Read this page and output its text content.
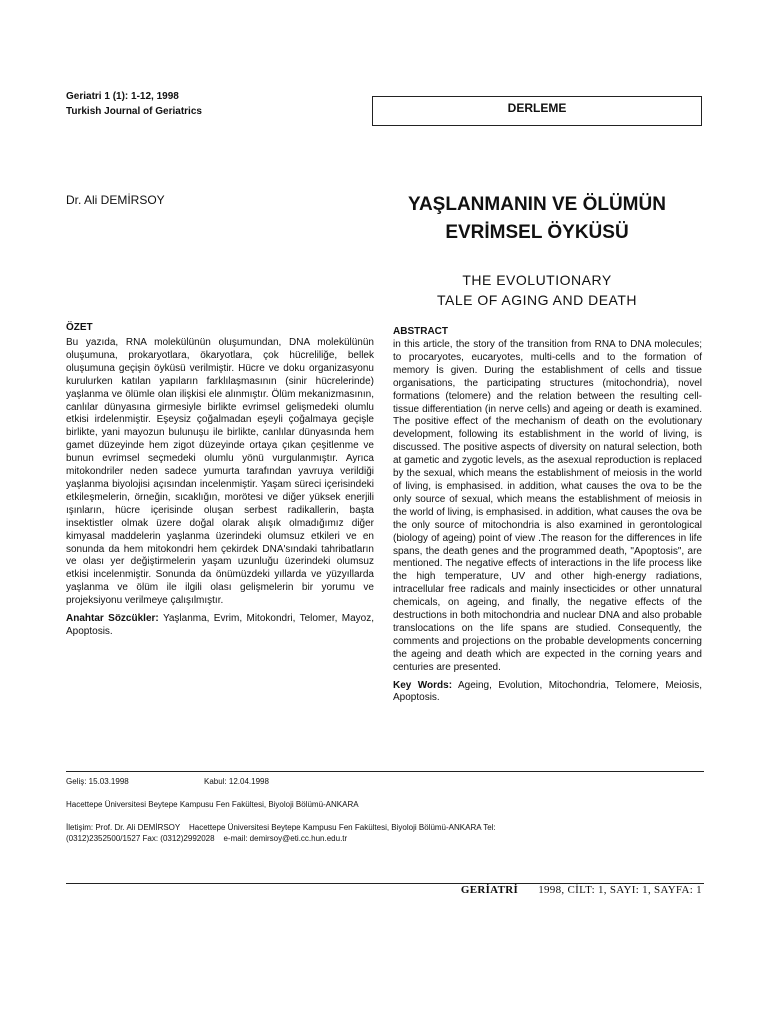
Geriatri 1 (1): 1-12, 1998
Turkish Journal of Geriatrics	DERLEME
Dr. Ali DEMİRSOY	YAŞLANMANIN VE ÖLÜMÜN
EVRİMSEL ÖYKÜSÜ
THE EVOLUTIONARY
TALE OF AGING AND DEATH
ÖZET

Bu yazıda, RNA molekülünün oluşumundan, DNA molekülünün oluşumuna, prokaryotlara, ökaryotlara, çok hücreliliğe, bellek oluşumuna geçişin öyküsü verilmiştir. Hücre ve doku organizasyonu kurulurken katılan yapıların farklılaşmasının (sinir hücrelerinde) yaşlanma ve ölümle olan ilişkisi ele alınmıştır. Ölüm mekanizmasının, canlılar dünyasına girmesiyle birlikte evrimsel gelişmedeki olumlu etkisi irdelenmiştir. Eşeysiz çoğalmadan eşeyli çoğalmaya geçişle birlikte, yani mayozun bulunuşu ile birlikte, canlılar dünyasında hem gamet düzeyinde hem zigot düzeyinde ortaya çıkan çeşitlenme ve bunun evrimsel seçmedeki olumlu yönü vurgulanmıştır. Ayrıca mitokondriler neden sadece yumurta tarafından yavruya verildiği yaşlanma biyolojisi açısından incelenmiştir. Yaşam süreci içerisindeki etkileşmelerin, örneğin, sıcaklığın, morötesi ve diğer yüksek enerjili ışınların, hücre içerisinde oluşan serbest radikallerin, başta insektistler olmak üzere doğal olarak alışık olmadığımız diğer kimyasal maddelerin yaşlanma üzerindeki olumsuz etkileri ve en sonunda da hem mitokondri hem çekirdek DNA'sındaki tahribatların ve olası yer değiştirmelerin yaşam uzunluğu üzerindeki olumsuz etkisi incelenmiştir. Sonunda da önümüzdeki yıllarda ve yüzyıllarda yaşlanma ve ölüm ile ilgili olası gelişmelerin bir yorumu ve projeksiyonu verilmeye çalışılmıştır.

Anahtar Sözcükler: Yaşlanma, Evrim, Mitokondri, Telomer, Mayoz, Apoptosis.

ABSTRACT

in this article, the story of the transition from RNA to DNA molecules; to procaryotes, eucaryotes, multi-cells and to the formation of memory İs given. During the establishment of cells and tissue organisations, the participating structures (mitochondria), novel formations (telomere) and the relation between the resulting cell-tissue differentiation (in nerve cells) and ageing or death is examined. The positive effect of the mechanism of death on the evolutionary development, following its establishment in the world of living, is discussed. The positive aspects of diversity on natural selection, both at gametic and zygotic levels, as the asexual reproduction is replaced by the sexual, which means the establishment of meiosis in the world of living, is emphasised. in addition, what causes the ova to be the only source of sexual, which means the establishment of meiosis in the world of living, is emphasised. in addition, what causes the ova be the only source of mitochondria is also examined in gerontological (biology of ageing) point of view .The reason for the differences in life spans, the death genes and the programmed death, "Apoptosis", are mentioned. The negative effects of interactions in the life process like the high temperature, UV and other high-energy radiations, intracellular free radicals and mainly insecticides or other unnatural chemicals, on ageing, and finally, the negative effects of the destructions in both mitochondria and nuclear DNA and also probable translocations on the life spans are studied. Consequently, the comments and projections on the probable developments concerning the ageing and death which are expected in the corning years and centuries are presented.

Key Words: Ageing, Evolution, Mitochondria, Telomere, Meiosis, Apoptosis.

Geliş: 15.03.1998	Kabul: 12.04.1998
Hacettepe Üniversitesi Beytepe Kampusu Fen Fakültesi, Biyoloji Bölümü-ANKARA
İletişim: Prof. Dr. Ali DEMİRSOY    Hacettepe Üniversitesi Beytepe Kampusu Fen Fakültesi, Biyoloji Bölümü-ANKARA Tel:
(0312)2352500/1527 Fax: (0312)2992028    e-mail: demirsoy@eti.cc.hun.edu.tr
GERİATRİ 1998, CİLT: 1, SAYI: 1, SAYFA: 1
